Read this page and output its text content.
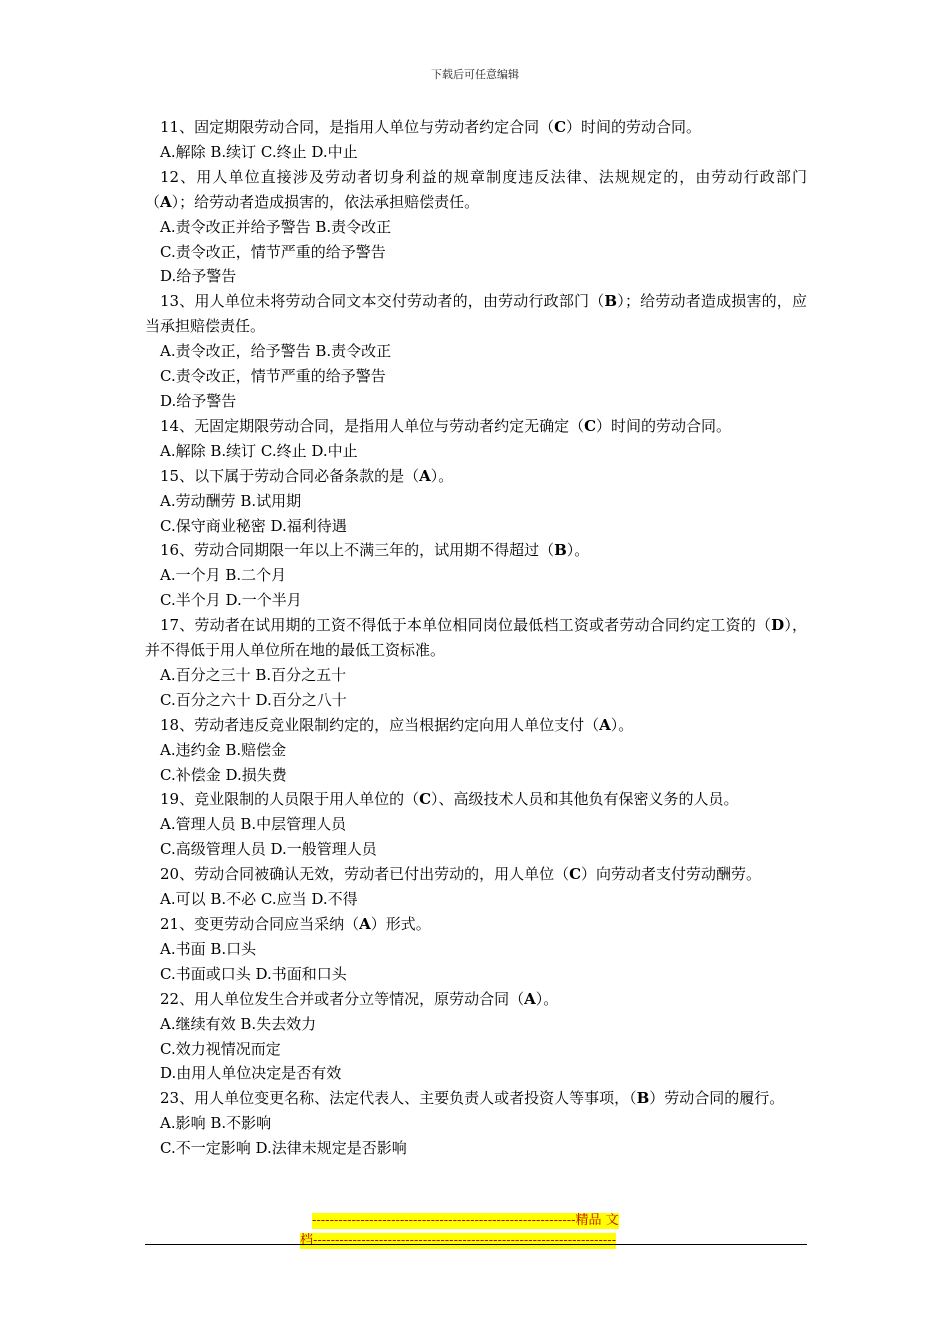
下载后可任意编辑
11、固定期限劳动合同，是指用人单位与劳动者约定合同（C）时间的劳动合同。
A.解除 B.续订 C.终止 D.中止
12、用人单位直接涉及劳动者切身利益的规章制度违反法律、法规规定的，由劳动行政部门（A）；给劳动者造成损害的，依法承担赔偿责任。
A.责令改正并给予警告 B.责令改正
C.责令改正，情节严重的给予警告
D.给予警告
13、用人单位未将劳动合同文本交付劳动者的，由劳动行政部门（B）；给劳动者造成损害的，应当承担赔偿责任。
A.责令改正，给予警告 B.责令改正
C.责令改正，情节严重的给予警告
D.给予警告
14、无固定期限劳动合同，是指用人单位与劳动者约定无确定（C）时间的劳动合同。
A.解除 B.续订 C.终止 D.中止
15、以下属于劳动合同必备条款的是（A）。
A.劳动酬劳 B.试用期
C.保守商业秘密 D.福利待遇
16、劳动合同期限一年以上不满三年的，试用期不得超过（B）。
A.一个月 B.二个月
C.半个月 D.一个半月
17、劳动者在试用期的工资不得低于本单位相同岗位最低档工资或者劳动合同约定工资的（D），并不得低于用人单位所在地的最低工资标准。
A.百分之三十 B.百分之五十
C.百分之六十 D.百分之八十
18、劳动者违反竞业限制约定的，应当根据约定向用人单位支付（A）。
A.违约金 B.赔偿金
C.补偿金 D.损失费
19、竞业限制的人员限于用人单位的（C）、高级技术人员和其他负有保密义务的人员。
A.管理人员 B.中层管理人员
C.高级管理人员 D.一般管理人员
20、劳动合同被确认无效，劳动者已付出劳动的，用人单位（C）向劳动者支付劳动酬劳。
A.可以 B.不必 C.应当 D.不得
21、变更劳动合同应当采纳（A）形式。
A.书面 B.口头
C.书面或口头 D.书面和口头
22、用人单位发生合并或者分立等情况，原劳动合同（A）。
A.继续有效 B.失去效力
C.效力视情况而定
D.由用人单位决定是否有效
23、用人单位变更名称、法定代表人、主要负责人或者投资人等事项，（B）劳动合同的履行。
A.影响 B.不影响
C.不一定影响 D.法律未规定是否影响
------------------------------------------------------------精品 文
档---------------------------------------------------------------------
